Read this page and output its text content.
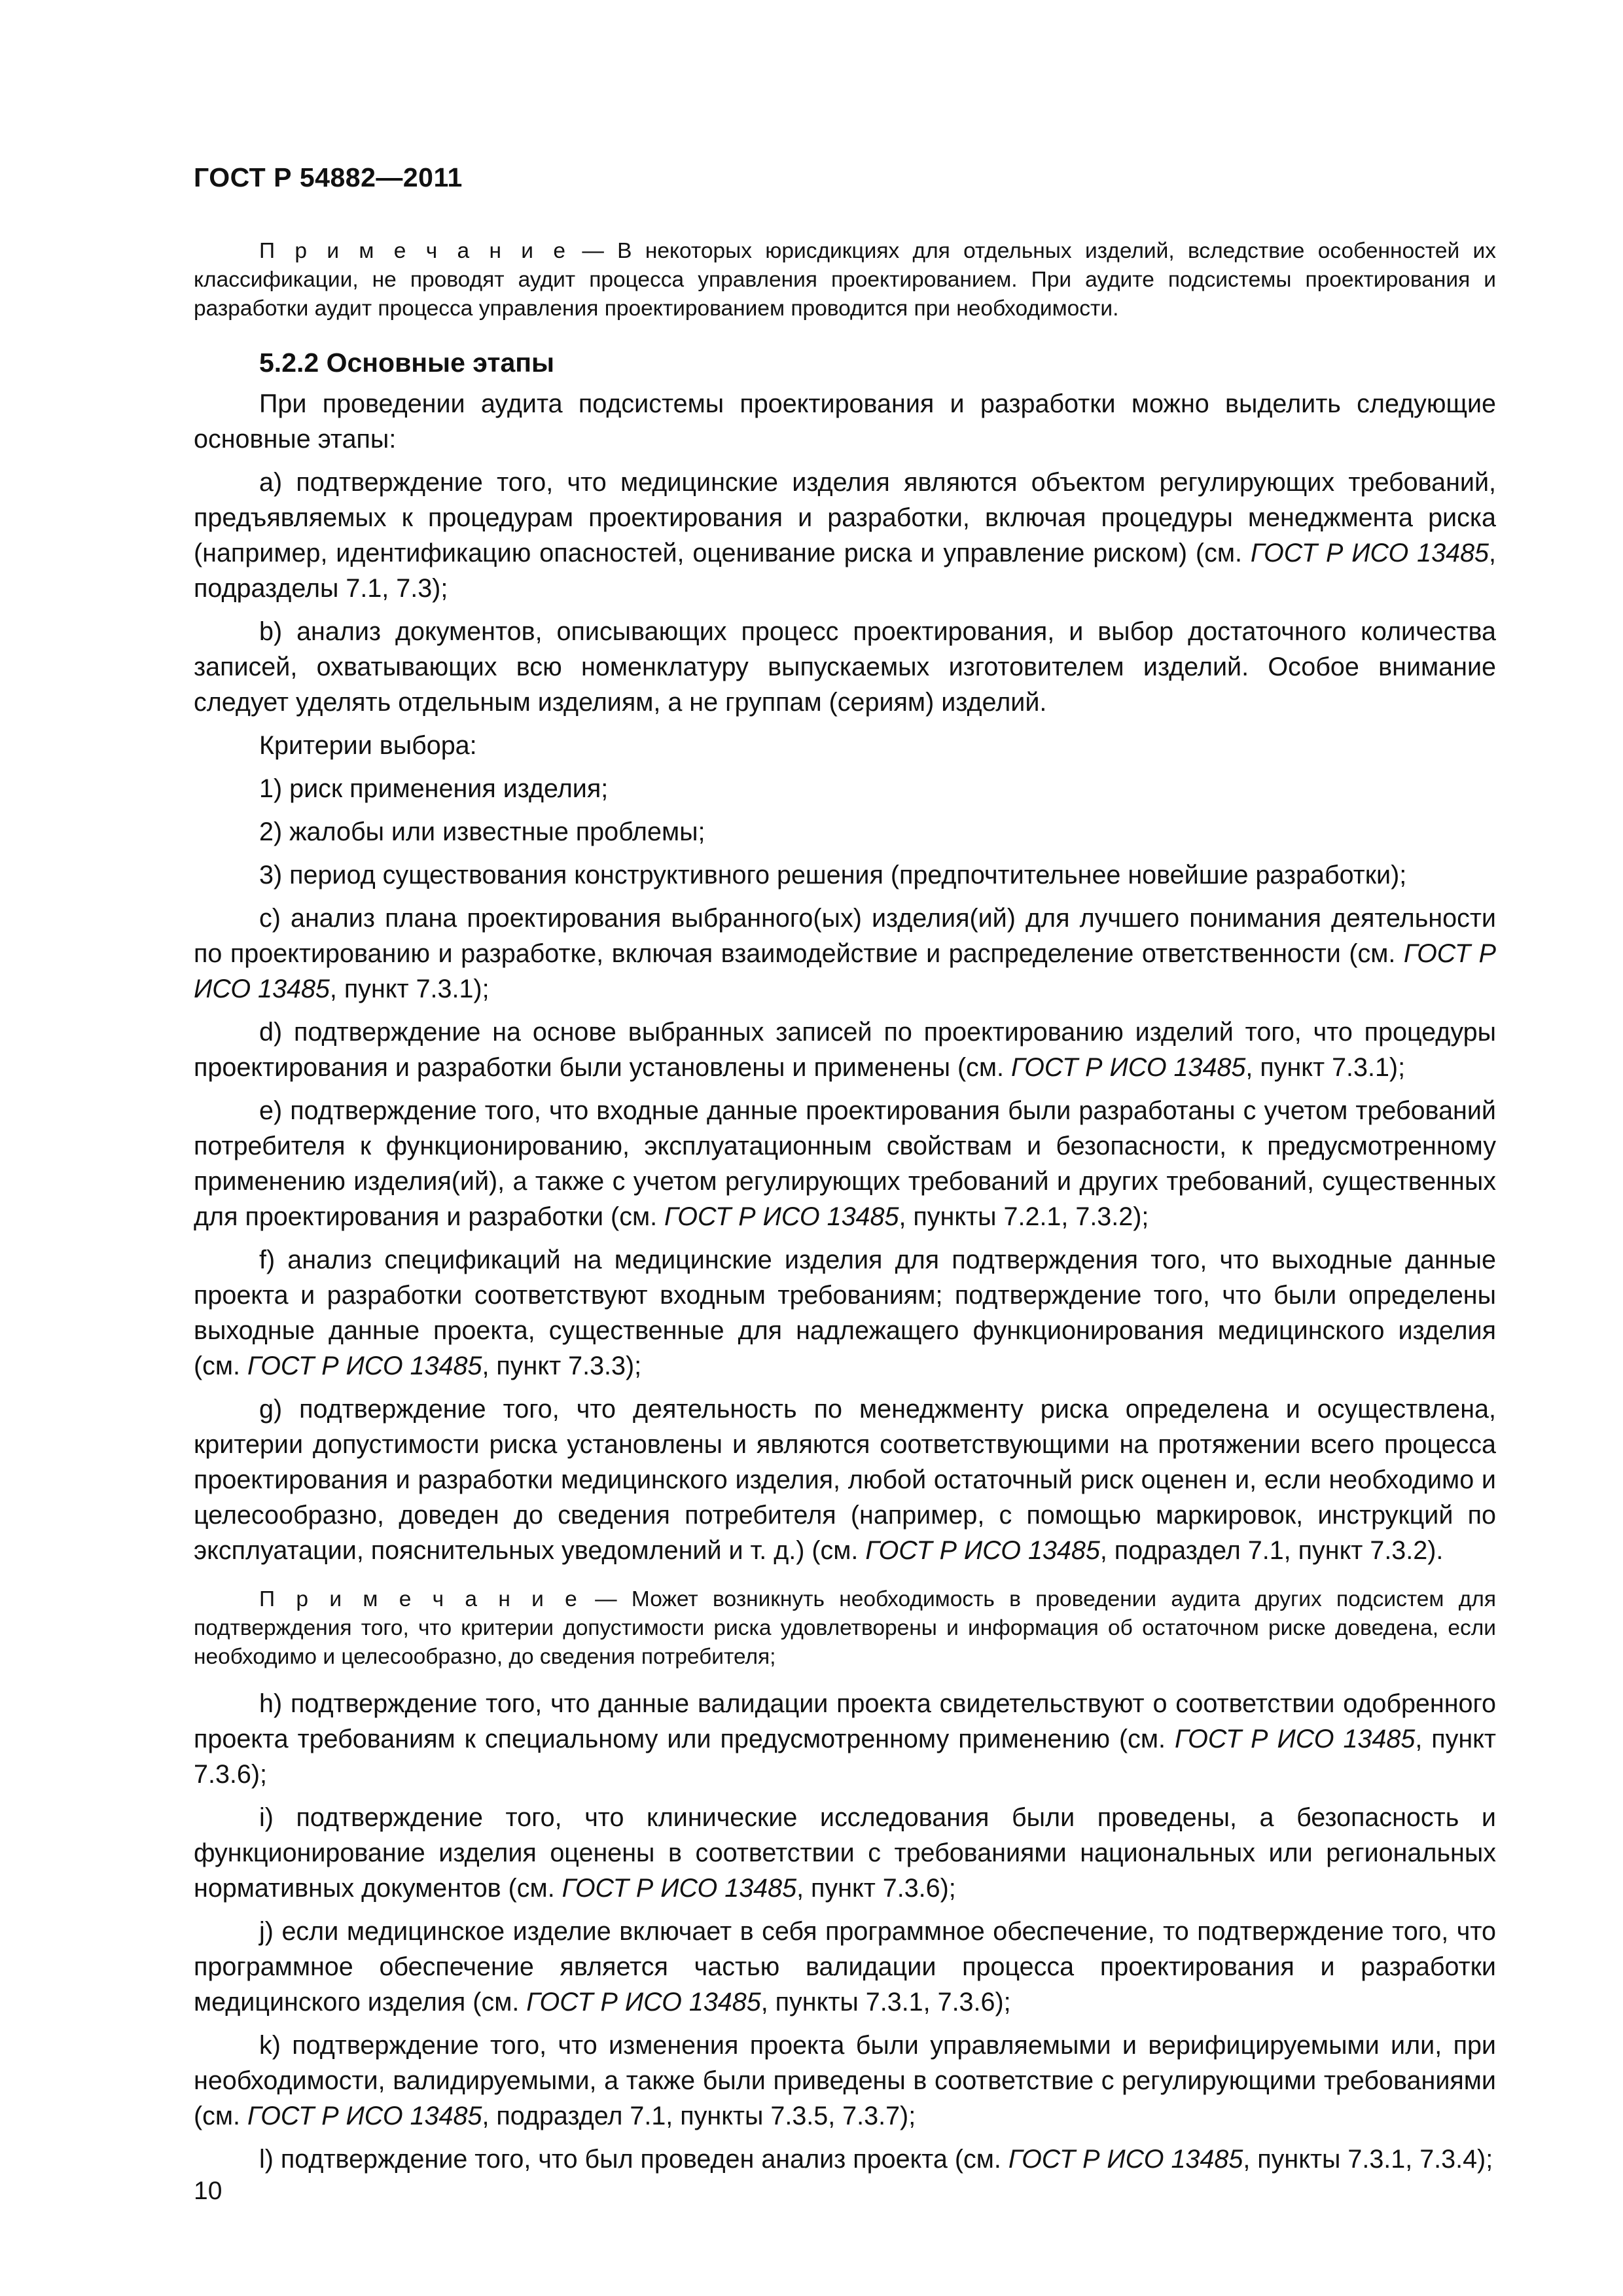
ГОСТ Р 54882—2011

П р и м е ч а н и е — В некоторых юрисдикциях для отдельных изделий, вследствие особенностей их классификации, не проводят аудит процесса управления проектированием. При аудите подсистемы проектирования и разработки аудит процесса управления проектированием проводится при необходимости.

5.2.2 Основные этапы

При проведении аудита подсистемы проектирования и разработки можно выделить следующие основные этапы:

a) подтверждение того, что медицинские изделия являются объектом регулирующих требований, предъявляемых к процедурам проектирования и разработки, включая процедуры менеджмента риска (например, идентификацию опасностей, оценивание риска и управление риском) (см. ГОСТ Р ИСО 13485, подразделы 7.1, 7.3);

b) анализ документов, описывающих процесс проектирования, и выбор достаточного количества записей, охватывающих всю номенклатуру выпускаемых изготовителем изделий. Особое внимание следует уделять отдельным изделиям, а не группам (сериям) изделий.

Критерии выбора:

1) риск применения изделия;

2) жалобы или известные проблемы;

3) период существования конструктивного решения (предпочтительнее новейшие разработки);

c) анализ плана проектирования выбранного(ых) изделия(ий) для лучшего понимания деятельности по проектированию и разработке, включая взаимодействие и распределение ответственности (см. ГОСТ Р ИСО 13485, пункт 7.3.1);

d) подтверждение на основе выбранных записей по проектированию изделий того, что процедуры проектирования и разработки были установлены и применены (см. ГОСТ Р ИСО 13485, пункт 7.3.1);

e) подтверждение того, что входные данные проектирования были разработаны с учетом требований потребителя к функционированию, эксплуатационным свойствам и безопасности, к предусмотренному применению изделия(ий), а также с учетом регулирующих требований и других требований, существенных для проектирования и разработки (см. ГОСТ Р ИСО 13485, пункты 7.2.1, 7.3.2);

f) анализ спецификаций на медицинские изделия для подтверждения того, что выходные данные проекта и разработки соответствуют входным требованиям; подтверждение того, что были определены выходные данные проекта, существенные для надлежащего функционирования медицинского изделия (см. ГОСТ Р ИСО 13485, пункт 7.3.3);

g) подтверждение того, что деятельность по менеджменту риска определена и осуществлена, критерии допустимости риска установлены и являются соответствующими на протяжении всего процесса проектирования и разработки медицинского изделия, любой остаточный риск оценен и, если необходимо и целесообразно, доведен до сведения потребителя (например, с помощью маркировок, инструкций по эксплуатации, пояснительных уведомлений и т. д.) (см. ГОСТ Р ИСО 13485, подраздел 7.1, пункт 7.3.2).

П р и м е ч а н и е — Может возникнуть необходимость в проведении аудита других подсистем для подтверждения того, что критерии допустимости риска удовлетворены и информация об остаточном риске доведена, если необходимо и целесообразно, до сведения потребителя;

h) подтверждение того, что данные валидации проекта свидетельствуют о соответствии одобренного проекта требованиям к специальному или предусмотренному применению (см. ГОСТ Р ИСО 13485, пункт 7.3.6);

i) подтверждение того, что клинические исследования были проведены, а безопасность и функционирование изделия оценены в соответствии с требованиями национальных или региональных нормативных документов (см. ГОСТ Р ИСО 13485, пункт 7.3.6);

j) если медицинское изделие включает в себя программное обеспечение, то подтверждение того, что программное обеспечение является частью валидации процесса проектирования и разработки медицинского изделия (см. ГОСТ Р ИСО 13485, пункты 7.3.1, 7.3.6);

k) подтверждение того, что изменения проекта были управляемыми и верифицируемыми или, при необходимости, валидируемыми, а также были приведены в соответствие с регулирующими требованиями (см. ГОСТ Р ИСО 13485, подраздел 7.1, пункты 7.3.5, 7.3.7);

l) подтверждение того, что был проведен анализ проекта (см. ГОСТ Р ИСО 13485, пункты 7.3.1, 7.3.4);

10
